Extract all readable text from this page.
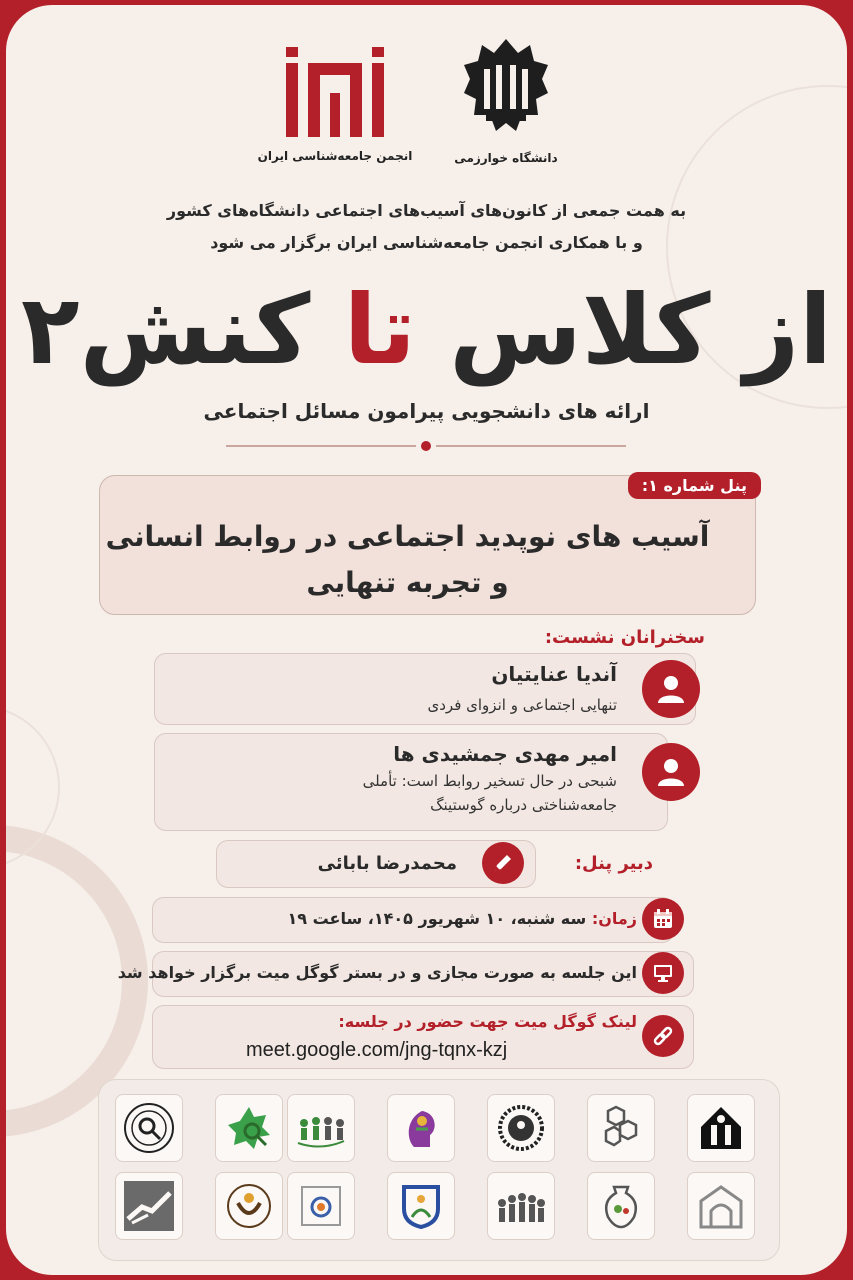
انجمن جامعه‌شناسی ایران	دانشگاه خوارزمی
به همت جمعی از کانون‌های آسیب‌های اجتماعی دانشگاه‌های کشور
و با همکاری انجمن جامعه‌شناسی ایران برگزار می شود
از کلاس تا کنش۲
ارائه های دانشجویی پیرامون مسائل اجتماعی
پنل شماره ۱:
آسیب های نوپدید اجتماعی در روابط انسانی
و تجربه تنهایی
سخنرانان نشست:
آندیا عنایتیان
تنهایی اجتماعی و انزوای فردی
امیر مهدی جمشیدی ها
شبحی در حال تسخیر روابط است: تأملی
جامعه‌شناختی درباره گوستینگ
محمدرضا بابائی	دبیر پنل:
زمان: سه شنبه، ۱۰ شهریور ۱۴۰۵، ساعت ۱۹
این جلسه به صورت مجازی و در بستر گوگل میت برگزار خواهد شد
لینک گوگل میت جهت حضور در جلسه:
meet.google.com/jng-tqnx-kzj
